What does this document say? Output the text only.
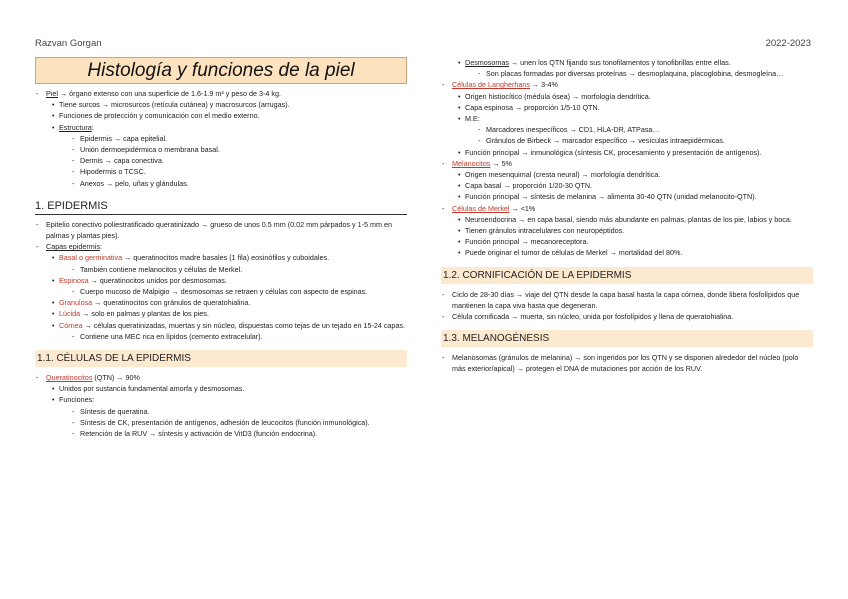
Razvan Gorgan	2022-2023
Histología y funciones de la piel
- Piel → órgano extenso con una superficie de 1.6-1.9 m² y peso de 3-4 kg.
• Tiene surcos → microsurcos (retícula cutánea) y macrosurcos (arrugas).
• Funciones de protección y comunicación con el medio externo.
• Estructura:
- Epidermis → capa epitelial.
- Unión dermoepidérmica o membrana basal.
- Dermis → capa conectiva.
- Hipodermis o TCSC.
- Anexos → pelo, uñas y glándulas.
1. EPIDERMIS
- Epitelio conectivo poliestratificado queratinizado → grueso de unos 0.5 mm (0.02 mm párpados y 1-5 mm en palmas y plantas pies).
- Capas epidermis:
• Basal o germinativa → queratinocitos madre basales (1 fila) eosinófilos y cuboidales.
- También contiene melanocitos y células de Merkel.
• Espinosa → queratinocitos unidos por desmosomas.
- Cuerpo mucoso de Malpigio → desmosomas se retraen y células con aspecto de espinas.
• Granulosa → queratinocitos con gránulos de queratohialina.
• Lúcida → solo en palmas y plantas de los pies.
• Córnea → células queratinizadas, muertas y sin núcleo, dispuestas como tejas de un tejado en 15-24 capas.
- Contiene una MEC rica en lípidos (cemento extracelular).
1.1. CÉLULAS DE LA EPIDERMIS
- Queratinocitos (QTN) → 90%
• Unidos por sustancia fundamental amorfa y desmosomas.
• Funciones:
- Síntesis de queratina.
- Síntesis de CK, presentación de antígenos, adhesión de leucocitos (función inmunológica).
- Retención de la RUV → síntesis y activación de VitD3 (función endocrina).
• Desmosomas → unen los QTN fijando sus tonofilamentos y tonofibrillas entre ellas.
- Son placas formadas por diversas proteínas → desmoplaquina, placoglobina, desmogleína…
- Células de Langherhans → 3-4%
• Origen histiocítico (médula ósea) → morfología dendrítica.
• Capa espinosa → proporción 1/5-10 QTN.
• M.E:
- Marcadores inespecíficos → CD1, HLA-DR, ATPasa…
- Gránulos de Birbeck → marcador específico → vesículas intraepidérmicas.
• Función principal → inmunológica (síntesis CK, procesamiento y presentación de antígenos).
- Melanocitos → 5%
• Origen mesenquimal (cresta neural) → morfología dendrítica.
• Capa basal → proporción 1/20-30 QTN.
• Función principal → síntesis de melanina → alimenta 30-40 QTN (unidad melanocito-QTN).
- Células de Merkel → <1%
• Neuroendocrina → en capa basal, siendo más abundante en palmas, plantas de los pie, labios y boca.
• Tienen gránulos intracelulares con neuropéptidos.
• Función principal → mecanoreceptora.
• Puede originar el tumor de células de Merkel → mortalidad del 80%.
1.2. CORNIFICACIÓN DE LA EPIDERMIS
- Ciclo de 28-30 días → viaje del QTN desde la capa basal hasta la capa córnea, donde libera fosfolípidos que mantienen la capa viva hasta que degeneran.
- Célula cornificada → muerta, sin núcleo, unida por fosfolípidos y llena de queratohialina.
1.3. MELANOGÉNESIS
- Melanosomas (gránulos de melanina) → son ingeridos por los QTN y se disponen alrededor del núcleo (polo más exterior/apical) → protegen el DNA de mutaciones por acción de los RUV.
